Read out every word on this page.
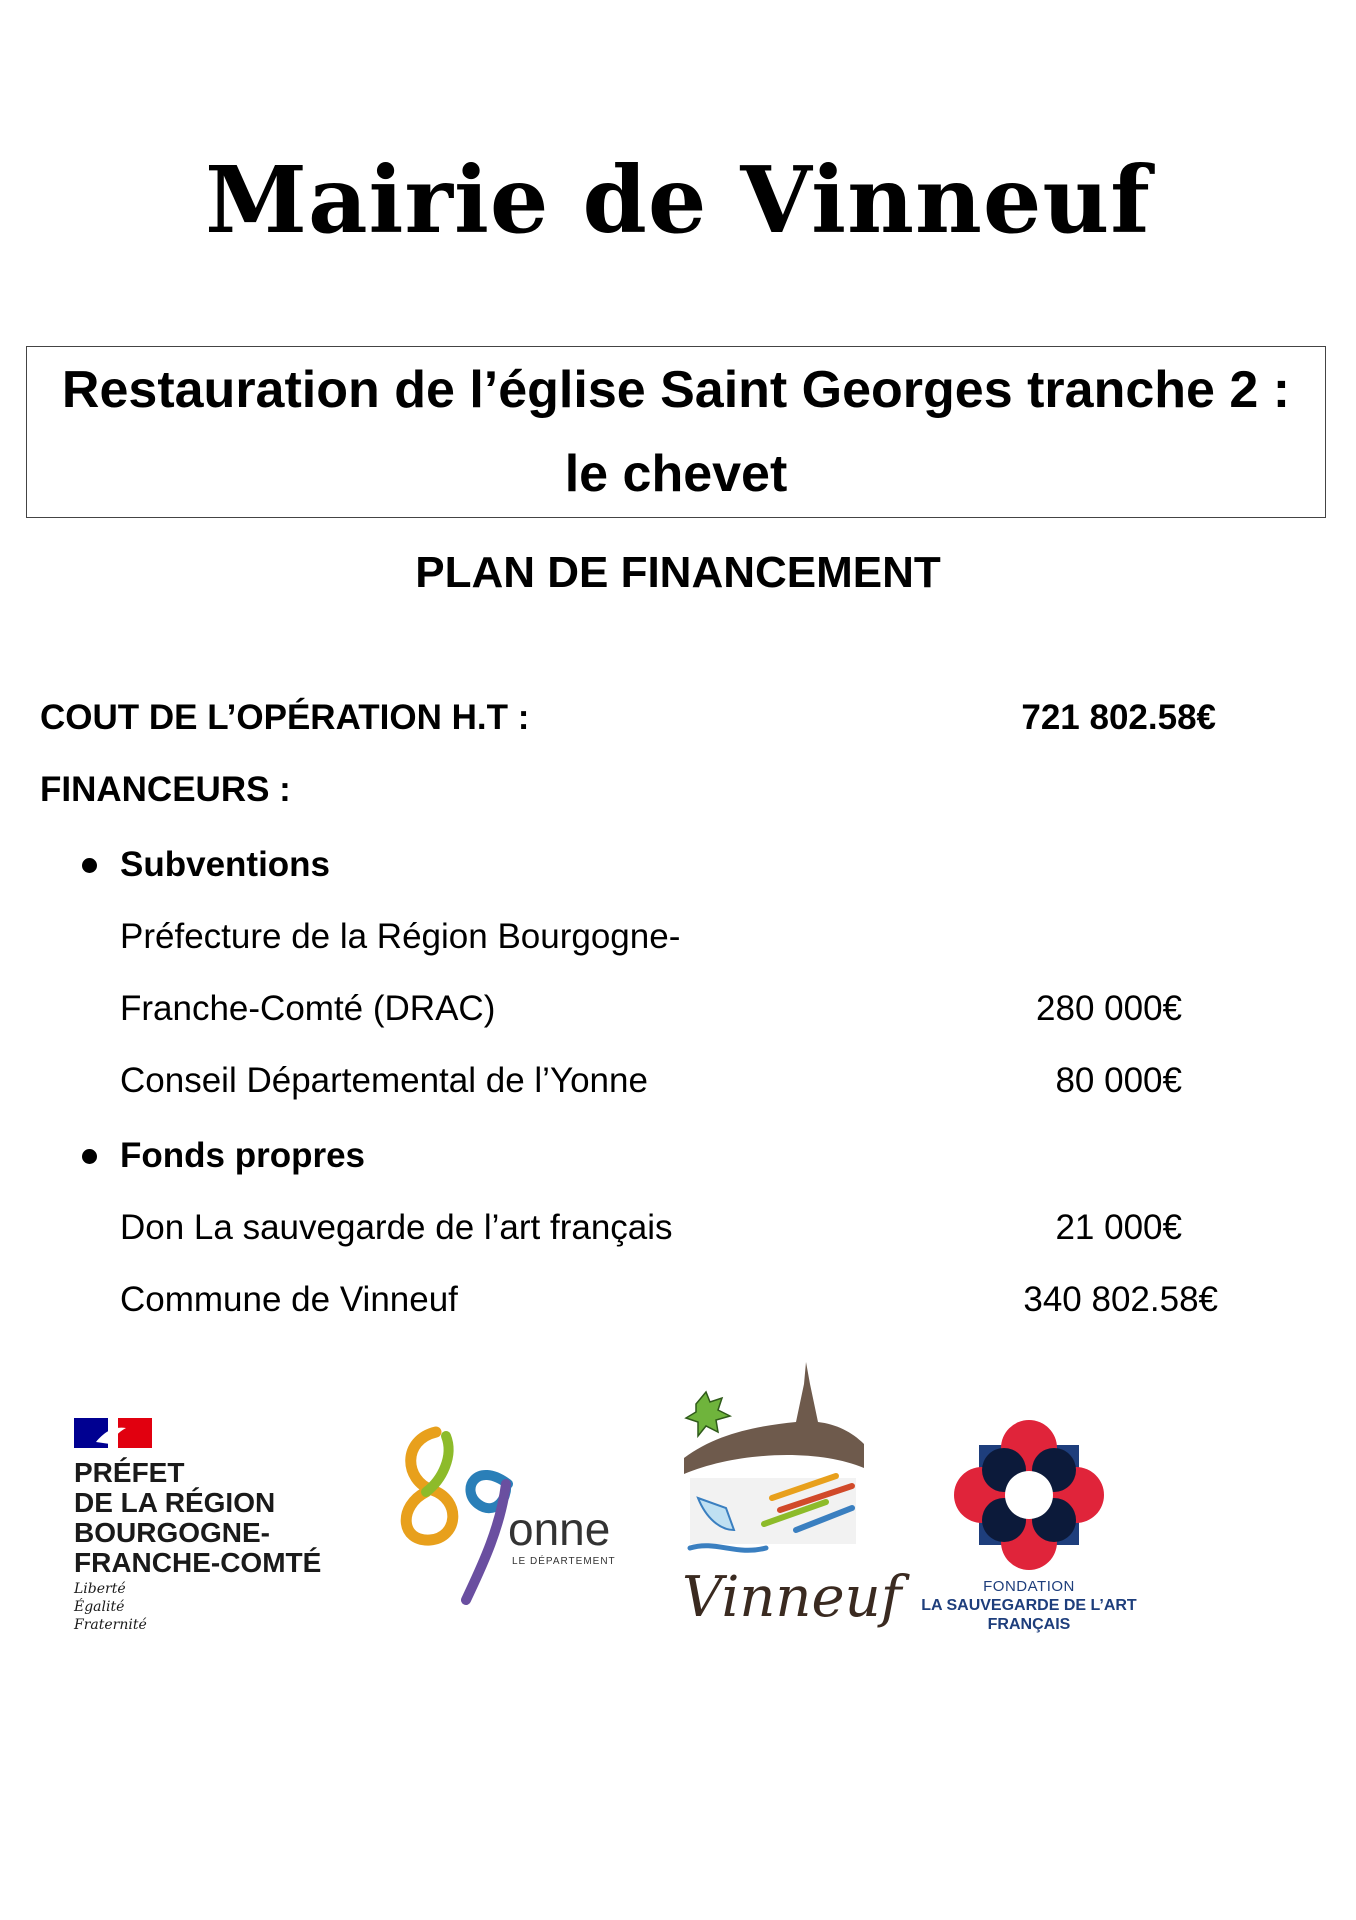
Mairie de Vinneuf
Restauration de l’église Saint Georges tranche 2 : le chevet
PLAN DE FINANCEMENT
COUT DE L’OPÉRATION H.T :	721 802.58€
FINANCEURS :
Subventions
Préfecture de la Région Bourgogne-
Franche-Comté (DRAC)	280 000€
Conseil Départemental de l’Yonne	80 000€
Fonds propres
Don La sauvegarde de l’art français	21 000€
Commune de Vinneuf	340 802.58€
PRÉFET
DE LA RÉGION
BOURGOGNE-
FRANCHE-COMTÉ
Liberté
Égalité
Fraternité
onne
LE DÉPARTEMENT
Vinneuf	FONDATION
LA SAUVEGARDE DE L’ART
FRANÇAIS
